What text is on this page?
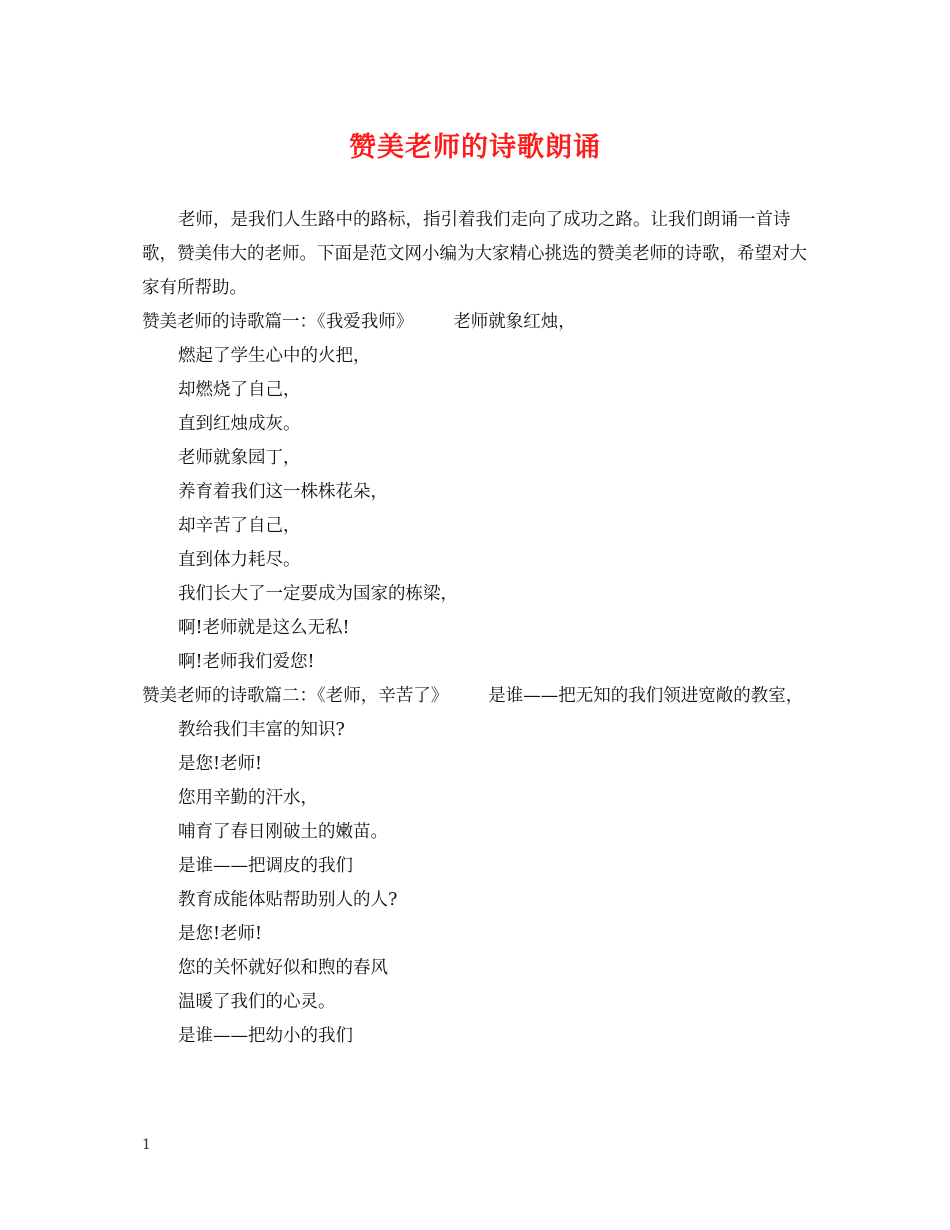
赞美老师的诗歌朗诵

老师，是我们人生路中的路标，指引着我们走向了成功之路。让我们朗诵一首诗歌，赞美伟大的老师。下面是范文网小编为大家精心挑选的赞美老师的诗歌，希望对大家有所帮助。

赞美老师的诗歌篇一：《我爱我师》 老师就象红烛，

燃起了学生心中的火把，

却燃烧了自己，

直到红烛成灰。

老师就象园丁，

养育着我们这一株株花朵，

却辛苦了自己，

直到体力耗尽。

我们长大了一定要成为国家的栋梁，

啊!老师就是这么无私!

啊!老师我们爱您!

赞美老师的诗歌篇二：《老师，辛苦了》 是谁——把无知的我们领进宽敞的教室，

教给我们丰富的知识?

是您!老师!

您用辛勤的汗水，

哺育了春日刚破土的嫩苗。

是谁——把调皮的我们

教育成能体贴帮助别人的人?

是您!老师!

您的关怀就好似和煦的春风

温暖了我们的心灵。

是谁——把幼小的我们

1
